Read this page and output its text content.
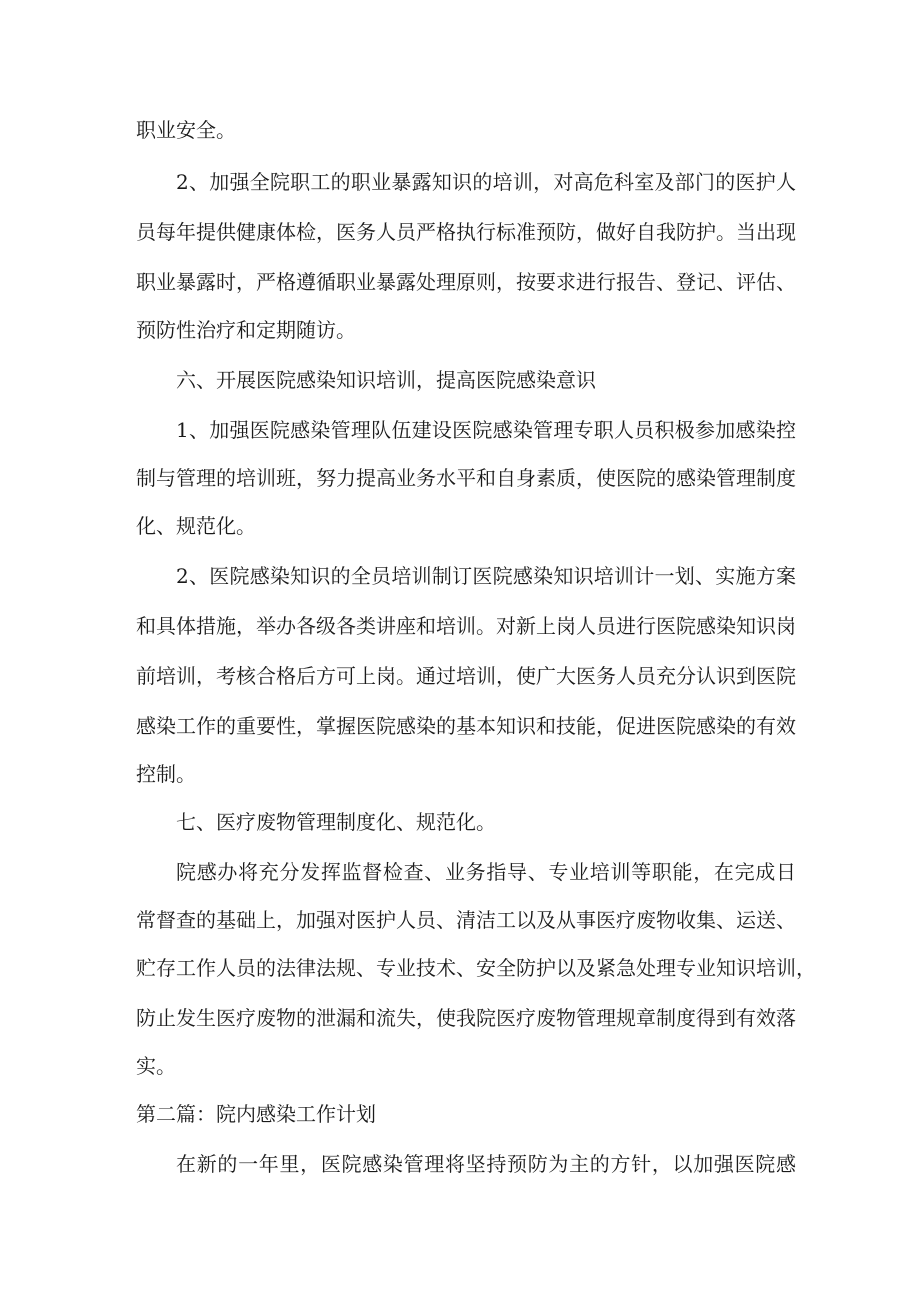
职业安全。
2、加强全院职工的职业暴露知识的培训，对高危科室及部门的医护人
员每年提供健康体检，医务人员严格执行标准预防，做好自我防护。当出现
职业暴露时，严格遵循职业暴露处理原则，按要求进行报告、登记、评估、
预防性治疗和定期随访。
六、开展医院感染知识培训，提高医院感染意识
1、加强医院感染管理队伍建设医院感染管理专职人员积极参加感染控
制与管理的培训班，努力提高业务水平和自身素质，使医院的感染管理制度
化、规范化。
2、医院感染知识的全员培训制订医院感染知识培训计一划、实施方案
和具体措施，举办各级各类讲座和培训。对新上岗人员进行医院感染知识岗
前培训，考核合格后方可上岗。通过培训，使广大医务人员充分认识到医院
感染工作的重要性，掌握医院感染的基本知识和技能，促进医院感染的有效
控制。
七、医疗废物管理制度化、规范化。
院感办将充分发挥监督检查、业务指导、专业培训等职能，在完成日
常督查的基础上，加强对医护人员、清洁工以及从事医疗废物收集、运送、
贮存工作人员的法律法规、专业技术、安全防护以及紧急处理专业知识培训，
防止发生医疗废物的泄漏和流失，使我院医疗废物管理规章制度得到有效落
实。
第二篇：院内感染工作计划
在新的一年里，医院感染管理将坚持预防为主的方针，以加强医院感
